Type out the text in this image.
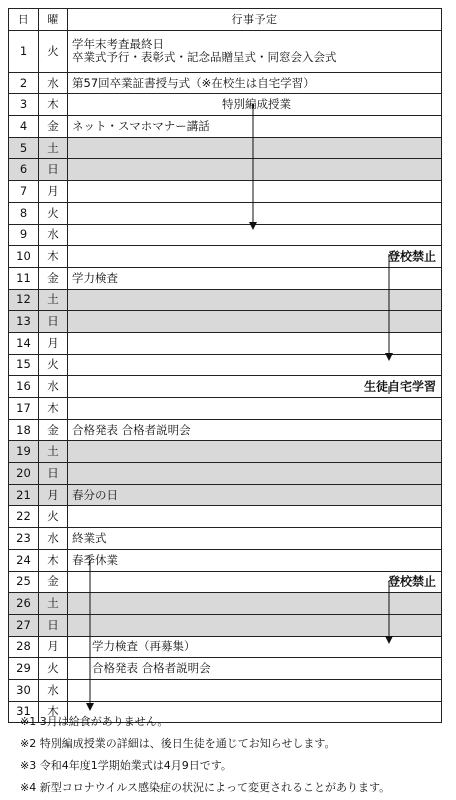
日	曜	行事予定
1	火	学年末考査最終日
卒業式予行・表彰式・記念品贈呈式・同窓会入会式

2	水	第57回卒業証書授与式（※在校生は自宅学習）

3	木	特別編成授業

4	金	ネット・スマホマナー講話

5	土	
6	日	
7	月	
8	火	
9	水	
10	木	登校禁止

11	金	学力検査

12	土	
13	日	
14	月	
15	火	
16	水	生徒自宅学習

17	木	
18	金	合格発表 合格者説明会

19	土	
20	日	
21	月	春分の日

22	火	
23	水	終業式

24	木	春季休業

25	金	登校禁止

26	土	
27	日	
28	月	学力検査（再募集）

29	火	合格発表 合格者説明会

30	水	
31	木	
※1 3月は給食がありません。
※2 特別編成授業の詳細は、後日生徒を通じてお知らせします。
※3 令和4年度1学期始業式は4月9日です。
※4 新型コロナウイルス感染症の状況によって変更されることがあります。
